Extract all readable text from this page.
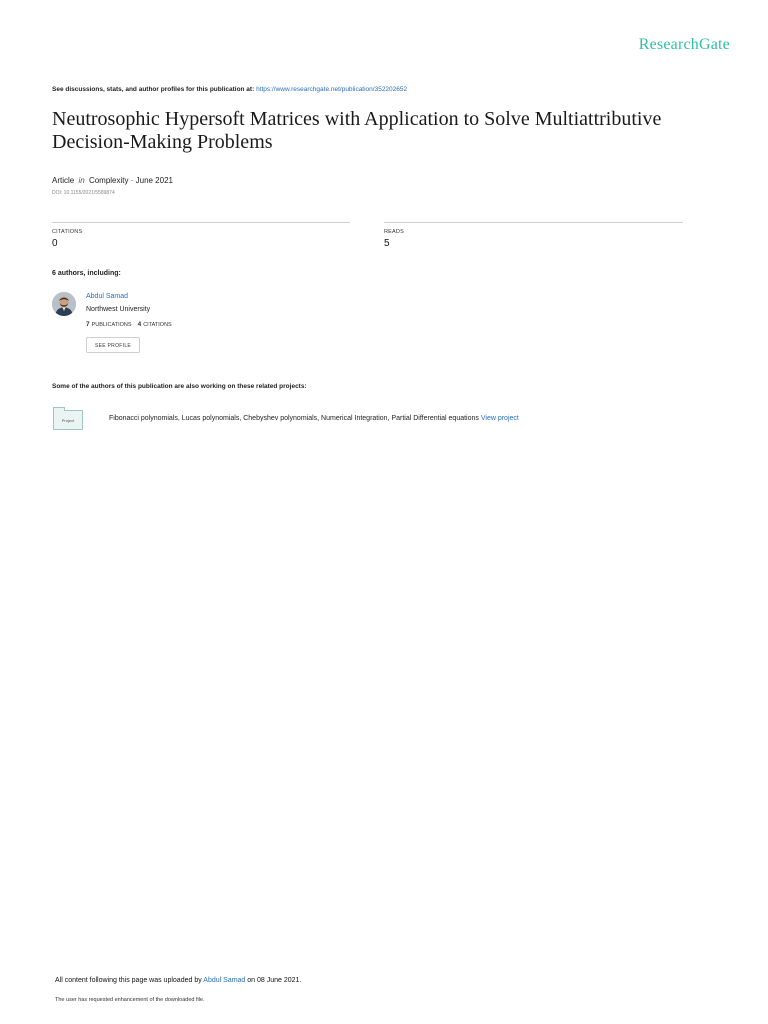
ResearchGate
See discussions, stats, and author profiles for this publication at: https://www.researchgate.net/publication/352202652
Neutrosophic Hypersoft Matrices with Application to Solve Multiattributive Decision-Making Problems
Article in Complexity · June 2021
DOI: 10.1155/2021/5589874
CITATIONS
0
READS
5
6 authors, including:
Abdul Samad
Northwest University
7 PUBLICATIONS 4 CITATIONS
SEE PROFILE
Some of the authors of this publication are also working on these related projects:
Project	Fibonacci polynomials, Lucas polynomials, Chebyshev polynomials, Numerical Integration, Partial Differential equations View project
All content following this page was uploaded by Abdul Samad on 08 June 2021.
The user has requested enhancement of the downloaded file.
